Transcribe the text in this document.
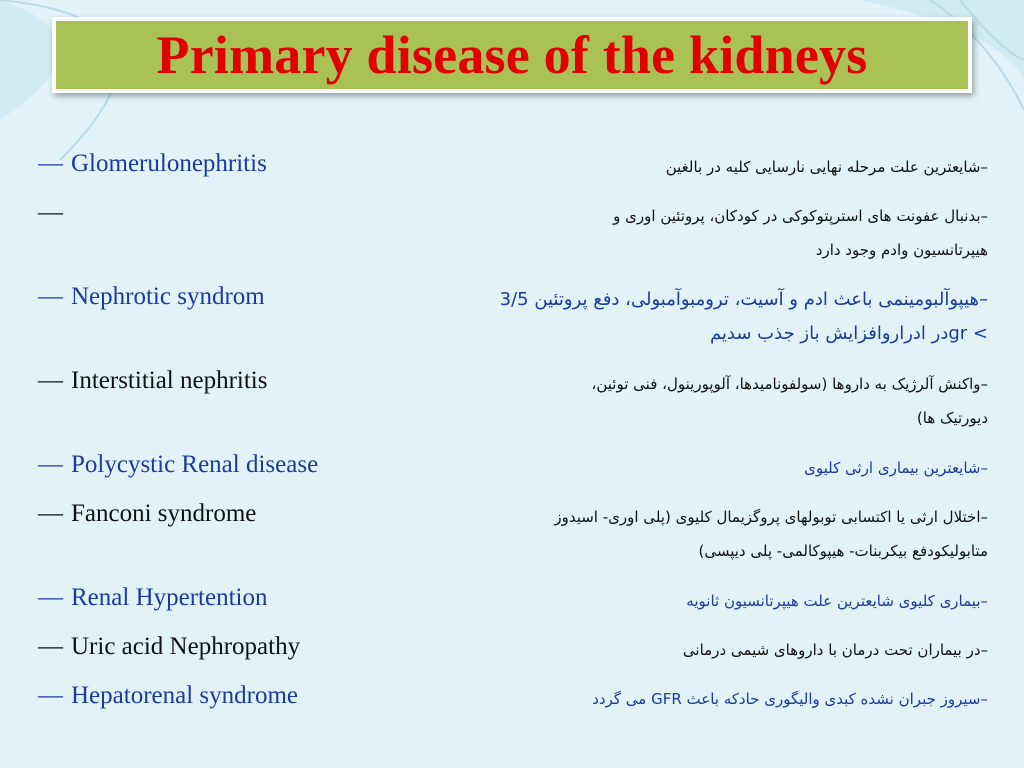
Primary disease of the kidneys
— Glomerulonephritis	–شایعترین علت مرحله نهایی نارسایی کلیه در بالغین
—	–بدنبال عفونت های استرپتوکوکی در کودکان، پروتئین اوری و
هیپرتانسیون وادم وجود دارد
— Nephrotic syndrom	–هیپوآلبومینمی باعث ادم و آسیت، ترومبوآمبولی، دفع پروتئین 3/5
> grدر ادراروافزایش باز جذب سدیم
— Interstitial nephritis	–واکنش آلرژیک به داروها (سولفونامیدها، آلوپورینول، فنی توئین،
دیورتیک ها)
— Polycystic Renal disease	–شایعترین بیماری ارثی کلیوی
— Fanconi syndrome	–اختلال ارثی یا اکتسابی توبولهای پروگزیمال کلیوی (پلی اوری- اسیدوز
متابولیکودفع بیکربنات- هیپوکالمی- پلی دیپسی)
— Renal Hypertention	–بیماری کلیوی شایعترین علت هیپرتانسیون ثانویه
— Uric acid Nephropathy	–در بیماران تحت درمان با داروهای شیمی درمانی
— Hepatorenal syndrome	–سیروز جبران نشده کبدی والیگوری حادکه باعث GFR می گردد
